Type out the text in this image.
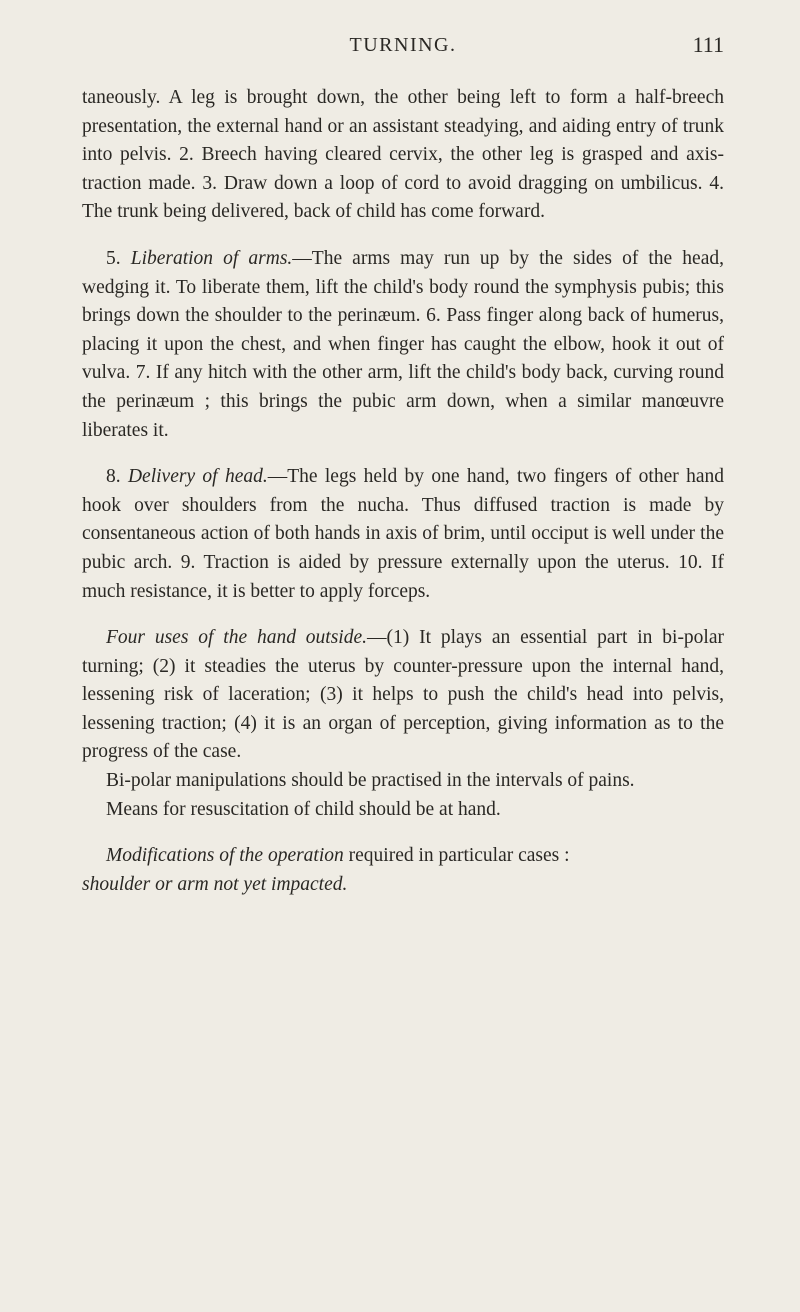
TURNING.	111

taneously. A leg is brought down, the other being left to form a half-breech presentation, the external hand or an assistant steadying, and aiding entry of trunk into pelvis. 2. Breech having cleared cervix, the other leg is grasped and axis-traction made. 3. Draw down a loop of cord to avoid dragging on umbilicus. 4. The trunk being delivered, back of child has come forward.

5. Liberation of arms.—The arms may run up by the sides of the head, wedging it. To liberate them, lift the child's body round the symphysis pubis; this brings down the shoulder to the perinæum. 6. Pass finger along back of humerus, placing it upon the chest, and when finger has caught the elbow, hook it out of vulva. 7. If any hitch with the other arm, lift the child's body back, curving round the perinæum ; this brings the pubic arm down, when a similar manœuvre liberates it.

8. Delivery of head.—The legs held by one hand, two fingers of other hand hook over shoulders from the nucha. Thus diffused traction is made by consentaneous action of both hands in axis of brim, until occiput is well under the pubic arch. 9. Traction is aided by pressure externally upon the uterus. 10. If much resistance, it is better to apply forceps.

Four uses of the hand outside.—(1) It plays an essential part in bi-polar turning; (2) it steadies the uterus by counter-pressure upon the internal hand, lessening risk of laceration; (3) it helps to push the child's head into pelvis, lessening traction; (4) it is an organ of perception, giving information as to the progress of the case.

Bi-polar manipulations should be practised in the intervals of pains.

Means for resuscitation of child should be at hand.

Modifications of the operation required in particular cases :
shoulder or arm not yet impacted.
